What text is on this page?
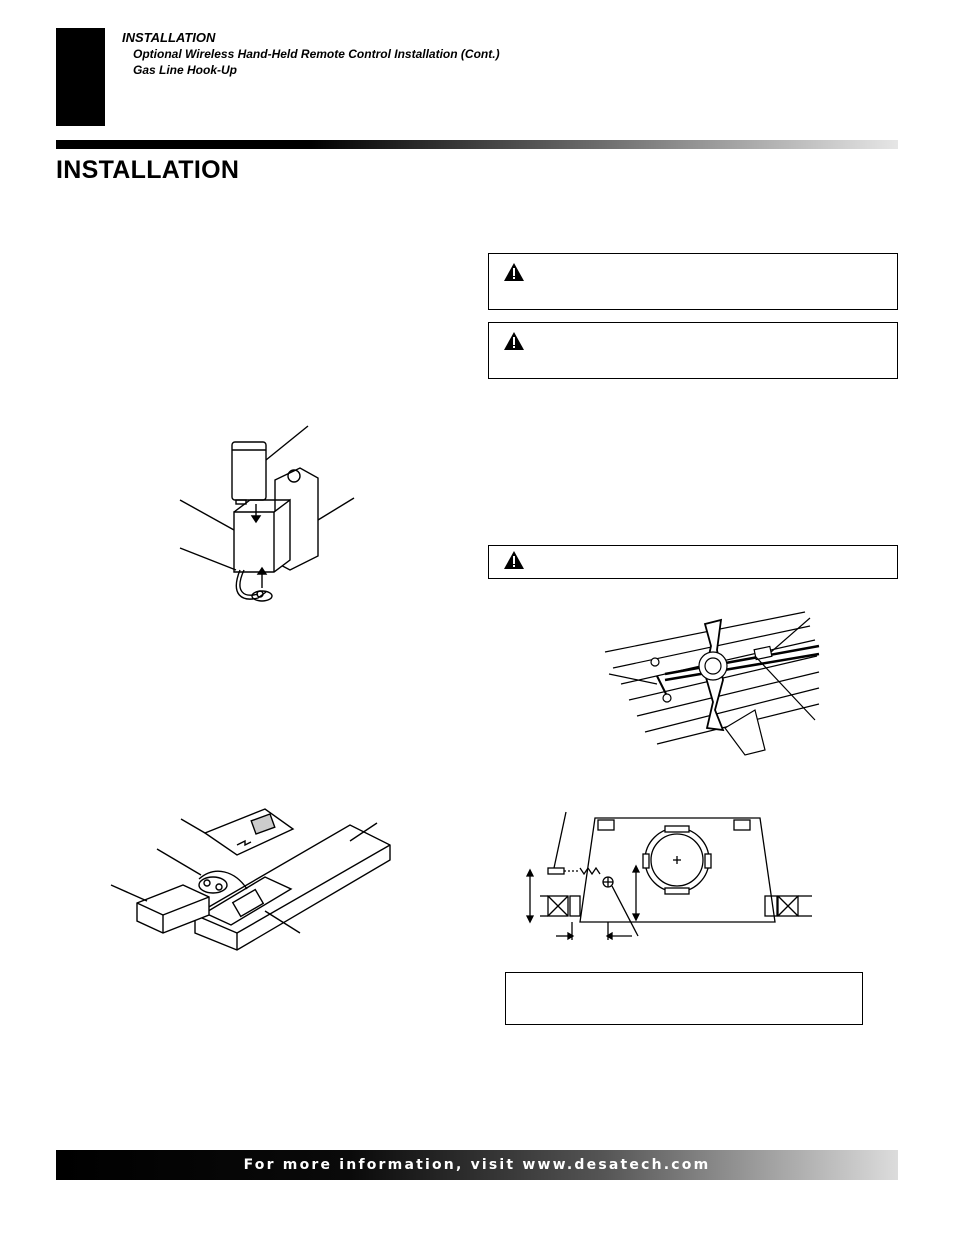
INSTALLATION
Optional Wireless Hand-Held Remote Control Installation (Cont.)
Gas Line Hook-Up
INSTALLATION
For more information, visit www.desatech.com
